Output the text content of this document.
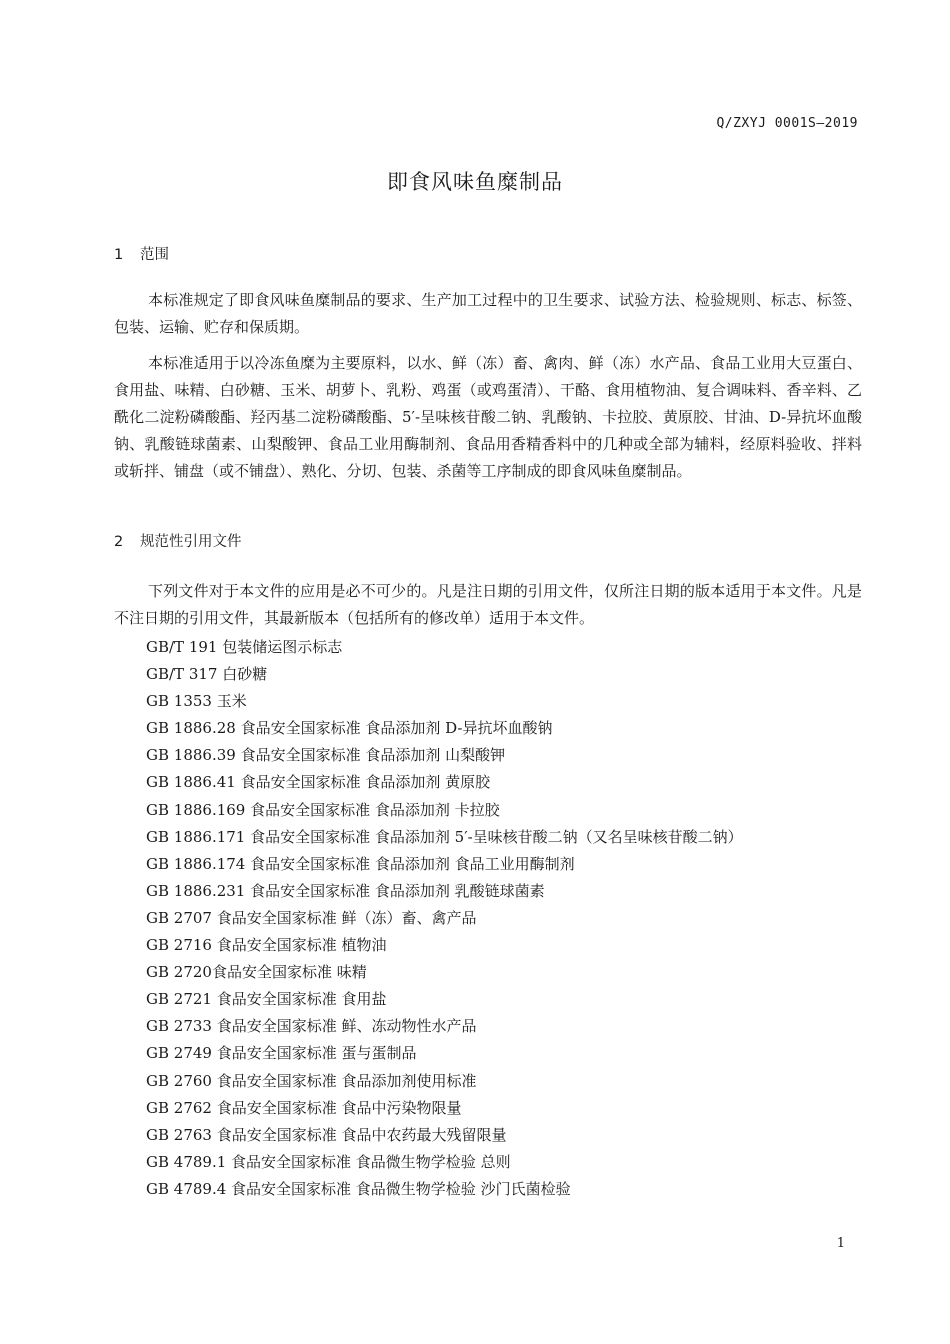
Q/ZXYJ 0001S—2019
即食风味鱼糜制品
1 范围

本标准规定了即食风味鱼糜制品的要求、生产加工过程中的卫生要求、试验方法、检验规则、标志、标签、包装、运输、贮存和保质期。

本标准适用于以冷冻鱼糜为主要原料，以水、鲜（冻）畜、禽肉、鲜（冻）水产品、食品工业用大豆蛋白、食用盐、味精、白砂糖、玉米、胡萝卜、乳粉、鸡蛋（或鸡蛋清）、干酪、食用植物油、复合调味料、香辛料、乙酰化二淀粉磷酸酯、羟丙基二淀粉磷酸酯、5′-呈味核苷酸二钠、乳酸钠、卡拉胶、黄原胶、甘油、D-异抗坏血酸钠、乳酸链球菌素、山梨酸钾、食品工业用酶制剂、食品用香精香料中的几种或全部为辅料，经原料验收、拌料或斩拌、铺盘（或不铺盘）、熟化、分切、包装、杀菌等工序制成的即食风味鱼糜制品。

2 规范性引用文件

下列文件对于本文件的应用是必不可少的。凡是注日期的引用文件，仅所注日期的版本适用于本文件。凡是不注日期的引用文件，其最新版本（包括所有的修改单）适用于本文件。

GB/T 191 包装储运图示标志
GB/T 317 白砂糖
GB 1353 玉米
GB 1886.28 食品安全国家标准 食品添加剂 D-异抗坏血酸钠
GB 1886.39 食品安全国家标准 食品添加剂 山梨酸钾
GB 1886.41 食品安全国家标准 食品添加剂 黄原胶
GB 1886.169 食品安全国家标准 食品添加剂 卡拉胶
GB 1886.171 食品安全国家标准 食品添加剂 5′-呈味核苷酸二钠（又名呈味核苷酸二钠）
GB 1886.174 食品安全国家标准 食品添加剂 食品工业用酶制剂
GB 1886.231 食品安全国家标准 食品添加剂 乳酸链球菌素
GB 2707 食品安全国家标准 鲜（冻）畜、禽产品
GB 2716 食品安全国家标准 植物油
GB 2720食品安全国家标准 味精
GB 2721 食品安全国家标准 食用盐
GB 2733 食品安全国家标准 鲜、冻动物性水产品
GB 2749 食品安全国家标准 蛋与蛋制品
GB 2760 食品安全国家标准 食品添加剂使用标准
GB 2762 食品安全国家标准 食品中污染物限量
GB 2763 食品安全国家标准 食品中农药最大残留限量
GB 4789.1 食品安全国家标准 食品微生物学检验 总则
GB 4789.4 食品安全国家标准 食品微生物学检验 沙门氏菌检验
1
